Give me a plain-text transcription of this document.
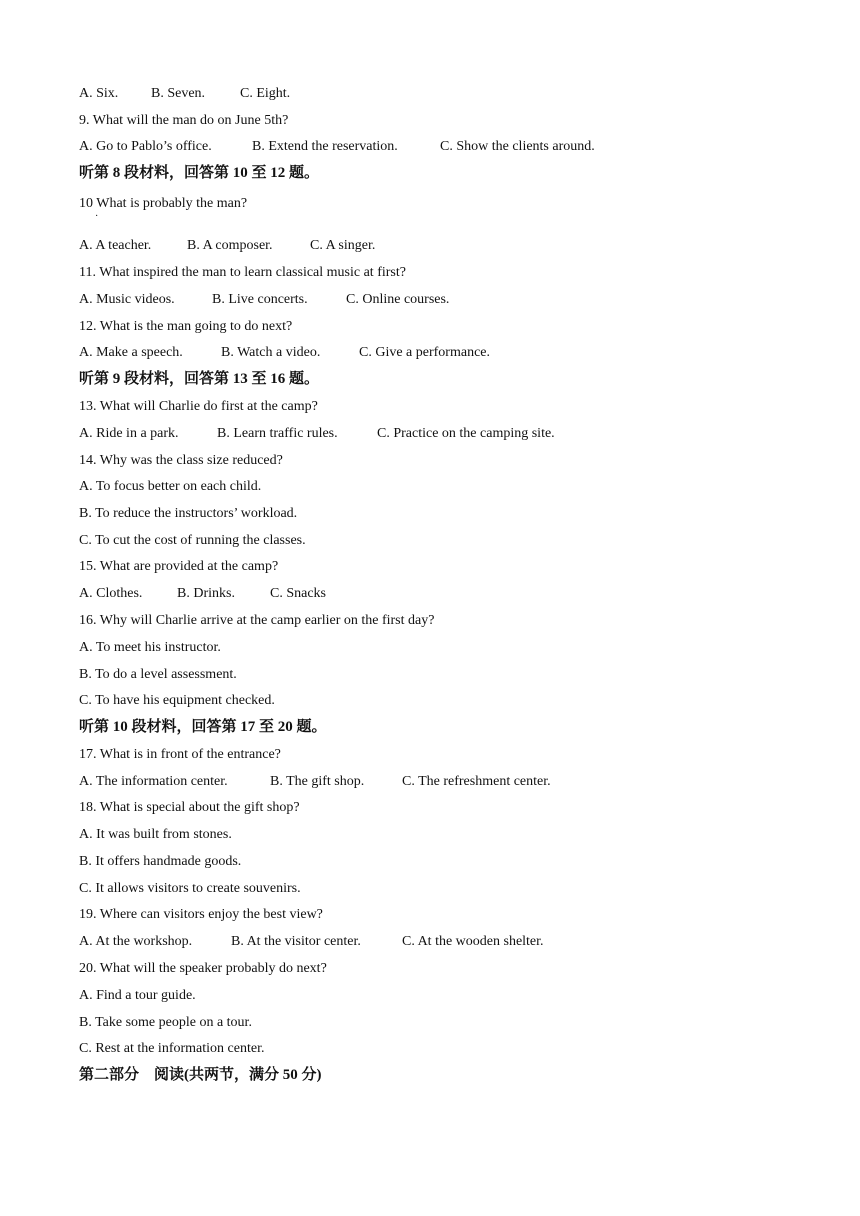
A. Six. B. Seven. C. Eight.
9. What will the man do on June 5th?
A. Go to Pablo’s office.	B. Extend the reservation.	C. Show the clients around.
听第 8 段材料，回答第 10 至 12 题。
10 What is probably the man?
·
A. A teacher.	B. A composer.	C. A singer.
11. What inspired the man to learn classical music at first?
A. Music videos.	B. Live concerts.	C. Online courses.
12. What is the man going to do next?
A. Make a speech.	B. Watch a video.	C. Give a performance.
听第 9 段材料，回答第 13 至 16 题。
13. What will Charlie do first at the camp?
A. Ride in a park.	B. Learn traffic rules.	C. Practice on the camping site.
14. Why was the class size reduced?
A. To focus better on each child.
B. To reduce the instructors’ workload.
C. To cut the cost of running the classes.
15. What are provided at the camp?
A. Clothes. B. Drinks.	C. Snacks
16. Why will Charlie arrive at the camp earlier on the first day?
A. To meet his instructor.
B. To do a level assessment.
C. To have his equipment checked.
听第 10 段材料，回答第 17 至 20 题。
17. What is in front of the entrance?
A. The information center.	B. The gift shop.	C. The refreshment center.
18. What is special about the gift shop?
A. It was built from stones.
B. It offers handmade goods.
C. It allows visitors to create souvenirs.
19. Where can visitors enjoy the best view?
A. At the workshop.	B. At the visitor center.	C. At the wooden shelter.
20. What will the speaker probably do next?
A. Find a tour guide.
B. Take some people on a tour.
C. Rest at the information center.
第二部分    阅读(共两节，满分 50 分)
